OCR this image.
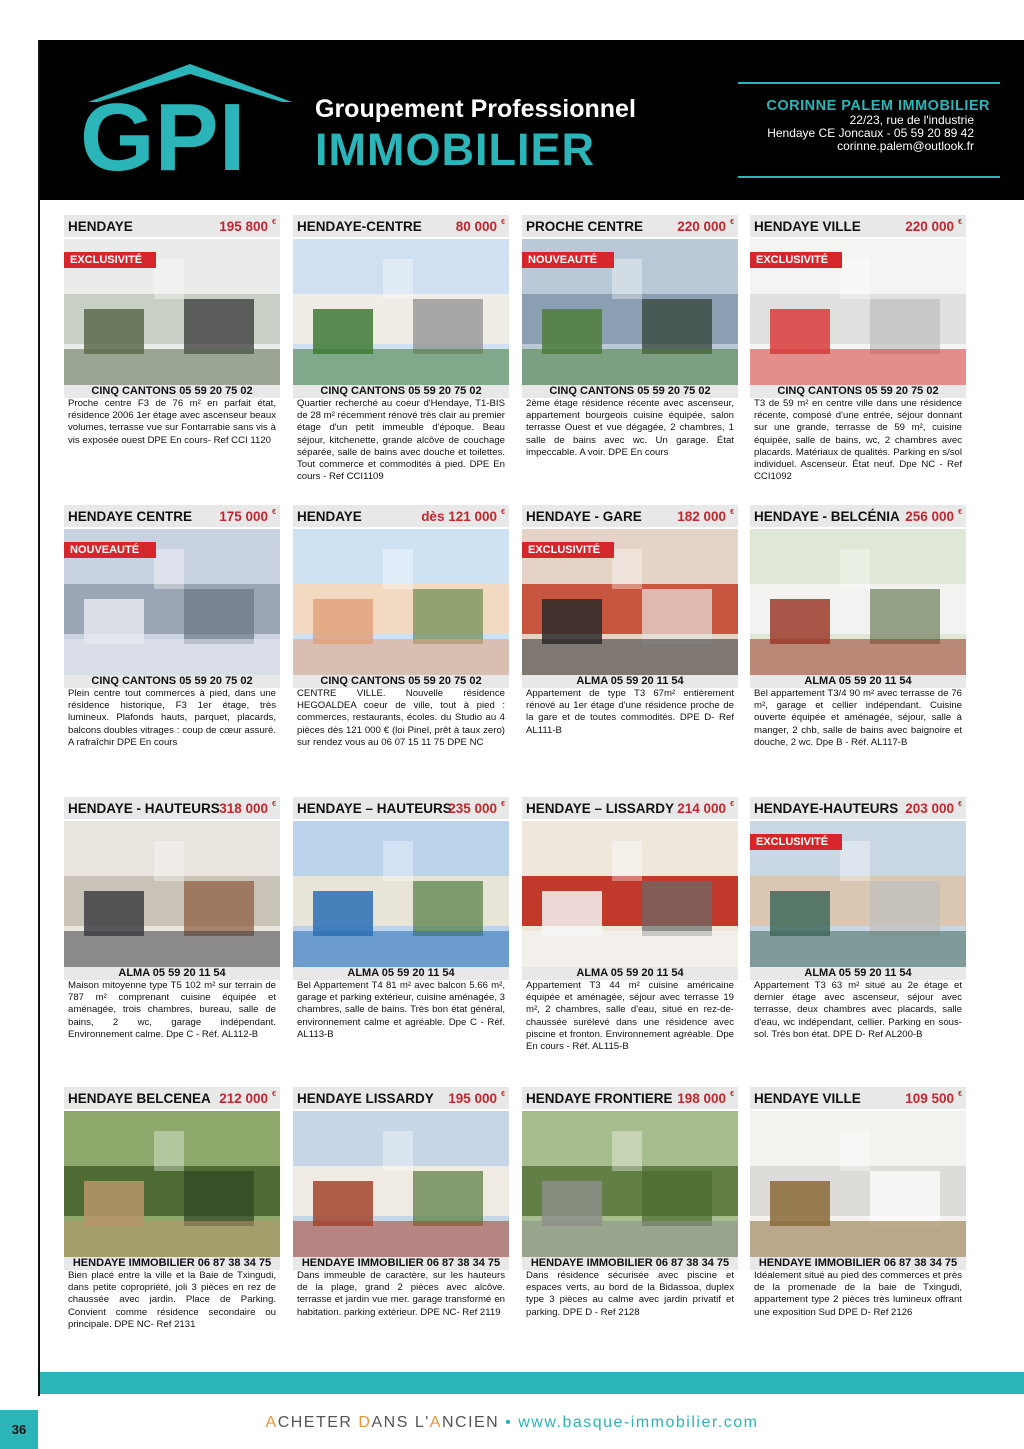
GPI	Groupement Professionnel
IMMOBILIER
CORINNE PALEM IMMOBILIER
22/23, rue de l'industrie
Hendaye CE Joncaux - 05 59 20 89 42
corinne.palem@outlook.fr
HENDAYE	195 800 €
EXCLUSIVITÉ
CINQ CANTONS 05 59 20 75 02
Proche centre F3 de 76 m² en parfait état, résidence 2006 1er étage avec ascenseur beaux volumes, terrasse vue sur Fontarrabie sans vis à vis exposée ouest DPE En cours- Ref CCI 1120
HENDAYE-CENTRE	80 000 €
CINQ CANTONS 05 59 20 75 02
Quartier recherché au coeur d'Hendaye, T1-BIS de 28 m² récemment rénové très clair au premier étage d'un petit immeuble d'époque. Beau séjour, kitchenette, grande alcôve de couchage séparée, salle de bains avec douche et toilettes. Tout commerce et commodités à pied. DPE En cours - Ref CCI1109
PROCHE CENTRE	220 000 €
NOUVEAUTÉ
CINQ CANTONS 05 59 20 75 02
2ème étage résidence récente avec ascenseur, appartement bourgeois cuisine équipée, salon terrasse Ouest et vue dégagée, 2 chambres, 1 salle de bains avec wc. Un garage. État impeccable. A voir. DPE En cours
HENDAYE VILLE	220 000 €
EXCLUSIVITÉ
CINQ CANTONS 05 59 20 75 02
T3 de 59 m² en centre ville dans une résidence récente, composé d'une entrée, séjour donnant sur une grande, terrasse de 59 m², cuisine équipée, salle de bains, wc, 2 chambres avec placards. Matériaux de qualités. Parking en s/sol individuel. Ascenseur. État neuf. Dpe NC - Ref CCI1092
HENDAYE CENTRE 175 000 €
NOUVEAUTÉ
CINQ CANTONS 05 59 20 75 02
Plein centre tout commerces à pied, dans une résidence historique, F3 1er étage, très lumineux. Plafonds hauts, parquet, placards, balcons doubles vitrages : coup de cœur assuré. A rafraîchir DPE En cours
HENDAYE	dès 121 000 €
CINQ CANTONS 05 59 20 75 02
CENTRE VILLE. Nouvelle résidence HEGOALDEA coeur de ville, tout à pied : commerces, restaurants, écoles. du Studio au 4 pièces dès 121 000 € (loi Pinel, prêt à taux zero) sur rendez vous au 06 07 15 11 75 DPE NC
HENDAYE - GARE	182 000 €
EXCLUSIVITÉ
ALMA 05 59 20 11 54
Appartement de type T3 67m² entièrement rénové au 1er étage d'une résidence proche de la gare et de toutes commodités. DPE D- Ref AL111-B
HENDAYE - BELCÉNIA 256 000 €
ALMA 05 59 20 11 54
Bel appartement T3/4 90 m² avec terrasse de 76 m², garage et cellier indépendant. Cuisine ouverte équipée et aménagée, séjour, salle à manger, 2 chb, salle de bains avec baignoire et douche, 2 wc. Dpe B - Réf. AL117-B
HENDAYE - HAUTEURS 318 000 €
ALMA 05 59 20 11 54
Maison mitoyenne type T5 102 m² sur terrain de 787 m² comprenant cuisine équipée et aménagée, trois chambres, bureau, salle de bains, 2 wc, garage indépendant. Environnement calme. Dpe C - Réf. AL112-B
HENDAYE – HAUTEURS
235 000 €
ALMA 05 59 20 11 54
Bel Appartement T4 81 m² avec balcon 5.66 m², garage et parking extérieur, cuisine aménagée, 3 chambres, salle de bains. Très bon état général, environnement calme et agréable. Dpe C - Réf. AL113-B
HENDAYE – LISSARDY 214 000 €
ALMA 05 59 20 11 54
Appartement T3 44 m² cuisine américaine équipée et aménagée, séjour avec terrasse 19 m², 2 chambres, salle d'eau, situé en rez-de-chaussée surélevé dans une résidence avec piscine et fronton. Environnement agréable. Dpe En cours - Réf. AL115-B
HENDAYE-HAUTEURS 203 000 €
EXCLUSIVITÉ
ALMA 05 59 20 11 54
Appartement T3 63 m² situé au 2e étage et dernier étage avec ascenseur, séjour avec terrasse, deux chambres avec placards, salle d'eau, wc indépendant, cellier. Parking en sous-sol. Très bon état. DPE D- Ref AL200-B
HENDAYE BELCENEA 212 000 €
HENDAYE IMMOBILIER 06 87 38 34 75
Bien placé entre la ville et la Baie de Txingudi, dans petite copropriété, joli 3 pièces en rez de chaussée avec jardin. Place de Parking. Convient comme résidence secondaire ou principale. DPE NC- Ref 2131
HENDAYE LISSARDY 195 000 €
HENDAYE IMMOBILIER 06 87 38 34 75
Dans immeuble de caractère, sur les hauteurs de la plage, grand 2 pièces avec alcôve. terrasse et jardin vue mer. garage transformé en habitation. parking extérieur. DPE NC- Ref 2119
HENDAYE FRONTIERE 198 000 €
HENDAYE IMMOBILIER 06 87 38 34 75
Dans résidence sécurisée avec piscine et espaces verts, au bord de la Bidassoa, duplex type 3 pièces au calme avec jardin privatif et parking. DPE D - Ref 2128
HENDAYE VILLE	109 500 €
HENDAYE IMMOBILIER 06 87 38 34 75
Idéalement situé au pied des commerces et près de la promenade de la baie de Txingudi, appartement type 2 pièces très lumineux offrant une exposition Sud DPE D- Ref 2126
36	ACHETER DANS L'ANCIEN • www.basque-immobilier.com
